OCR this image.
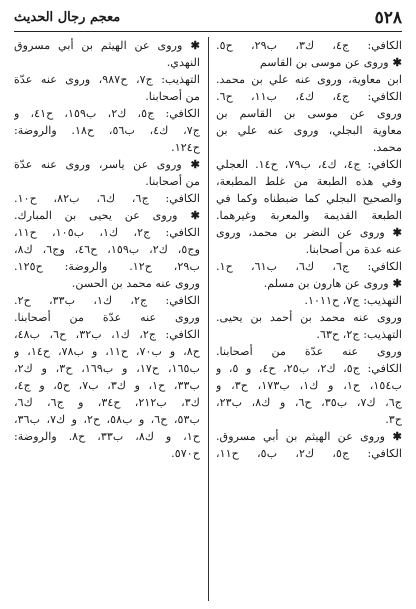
٥٢٨
معجم رجال الحديث
الكافي: ج٤، ك٣، ب٢٩، ح٥.
✱ وروى عن موسى بن القاسم
ابن معاوية، وروى عنه علي بن محمد.
الكافي: ج٤، ك٤، ب١١، ح٦.
وروى عن موسى بن القاسم بن
معاوية البجلي، وروى عنه علي بن
محمد.
الكافي: ج٤، ك٤، ب٧٩، ح١٤. العجلي
وفي هذه الطبعة من غلط المطبعة،
والصحيح البجلي كما ضبطناه وكما في
الطبعة القديمة والمعربة وغيرهما.
✱ وروى عن النضر بن محمد، وروى
عنه عدة من أصحابنا.
الكافي: ج٦، ك٦، ب٦١، ح١.
✱ وروى عن هارون بن مسلم.
التهذيب: ج٧، ح١٠١١.
وروى عنه محمد بن أحمد بن يحيى.
التهذيب: ج٢، ح٦٣.
وروى عنه عدّة من أصحابنا.
الكافي: ج٥، ك٢، ب٢٥، ح٤، و ٥، و
ب١٥٤، ح١، و ك١، ب١٧٣، ح٣، و
ج٦، ك٧، ب٣٥، ح٦، و ك٨، ب٢٣،
ح٣.
✱ وروى عن الهيثم بن أبي مسروق.
الكافي: ج٥، ك٢، ب٥، ح١١،
✱ وروى عن الهيثم بن أبي مسروق
النهدي.
التهذيب: ج٧، ح٩٨٧، وروى عنه عدّة
من أصحابنا.
الكافي: ج٥، ك٢، ب١٥٩، ح٤١، و
ج٧، ك٤، ب٥٦، ح١٨. والروضة:
ح١٢٤.
✱ وروى عن ياسر، وروى عنه عدّة
من أصحابنا.
الكافي: ج٦، ك٦، ب٨٢، ح١٠.
✱ وروى عن يحيى بن المبارك.
الكافي: ج٢، ك١، ب١٠٥، ح١١،
وج٥، ك٢، ب١٥٩، ح٤٦، وج٦، ك٨،
ب٢٩، ح١٢. والروضة: ح١٢٥.
وروى عنه محمد بن الحسن.
الكافي: ج٢، ك١، ب٣٣، ح٢.
وروى عنه عدّة من أصحابنا.
الكافي: ج٢، ك١، ب٣٢، ح٦، ب٤٨،
ح٨، و ب٧٠، ح١١، و ب٧٨، ح١٤، و
ب١٦٥، ح١٧، و ب١٦٩، ح٣، و ك٢،
ب٣٣، ح١، و ك٣، ب٧، ح٥، و ج٤،
ك٣، ب٢١٢، ح٣٤، و ج٦، ك٦،
ب٥٣، ح٦، و ب٥٨، ح٢، و ك٧، ب٣٦،
ح١، و ك٨، ب٣٣، ح٨. والروضة:
ح٥٧٠.
